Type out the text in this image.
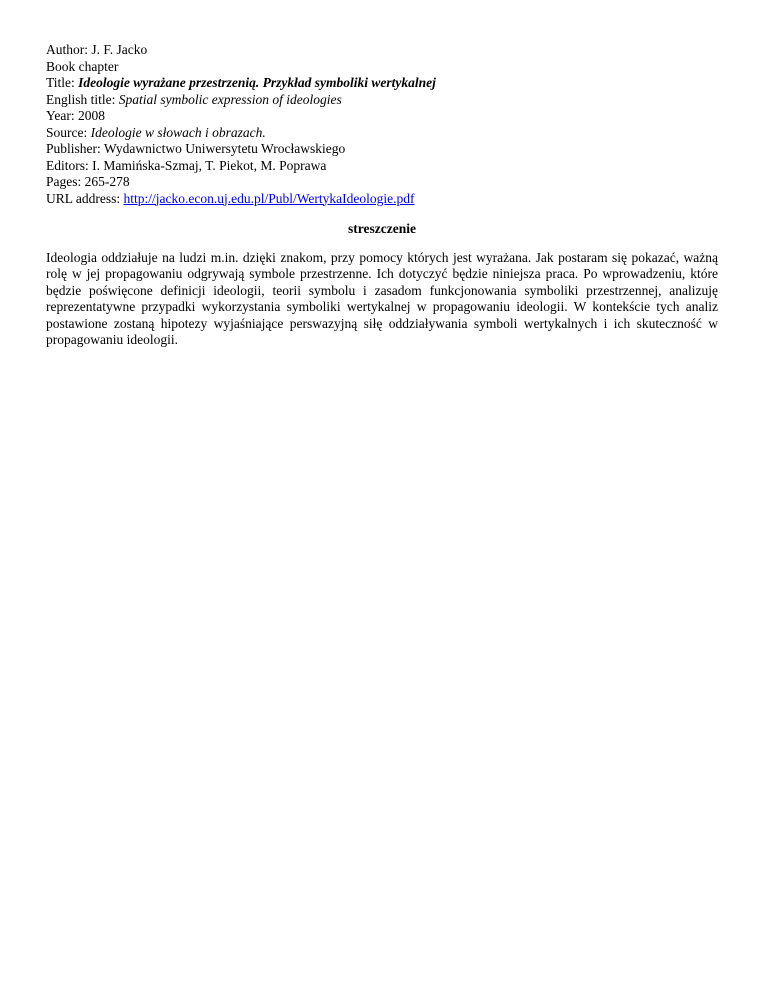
Author: J. F. Jacko
Book chapter
Title: Ideologie wyrażane przestrzenią. Przykład symboliki wertykalnej
English title: Spatial symbolic expression of ideologies
Year: 2008
Source: Ideologie w słowach i obrazach.
Publisher: Wydawnictwo Uniwersytetu Wrocławskiego
Editors: I. Mamińska-Szmaj, T. Piekot, M. Poprawa
Pages: 265-278
URL address: http://jacko.econ.uj.edu.pl/Publ/WertykaIdeologie.pdf
streszczenie
Ideologia oddziałuje na ludzi m.in. dzięki znakom, przy pomocy których jest wyrażana. Jak postaram się pokazać, ważną rolę w jej propagowaniu odgrywają symbole przestrzenne. Ich dotyczyć będzie niniejsza praca. Po wprowadzeniu, które będzie poświęcone definicji ideologii, teorii symbolu i zasadom funkcjonowania symboliki przestrzennej, analizuję reprezentatywne przypadki wykorzystania symboliki wertykalnej w propagowaniu ideologii. W kontekście tych analiz postawione zostaną hipotezy wyjaśniające perswazyjną siłę oddziaływania symboli wertykalnych i ich skuteczność w propagowaniu ideologii.
